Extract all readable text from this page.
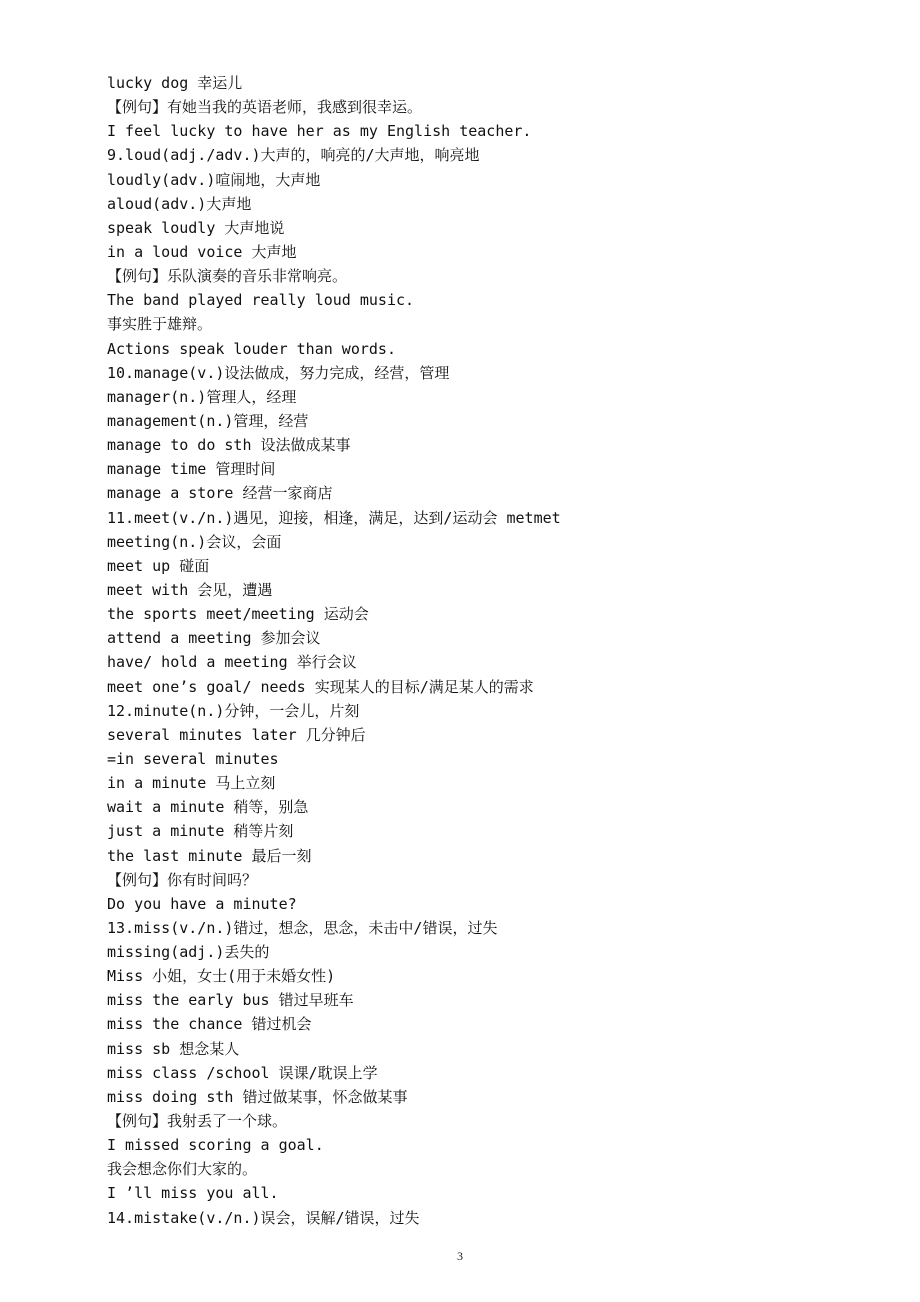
lucky dog 幸运儿
【例句】有她当我的英语老师，我感到很幸运。
I feel lucky to have her as my English teacher.
9.loud(adj./adv.)大声的，响亮的/大声地，响亮地
loudly(adv.)喧闹地，大声地
aloud(adv.)大声地
speak loudly 大声地说
in a loud voice 大声地
【例句】乐队演奏的音乐非常响亮。
The band played really loud music.
事实胜于雄辩。
Actions speak louder than words.
10.manage(v.)设法做成，努力完成，经营，管理
manager(n.)管理人，经理
management(n.)管理，经营
manage to do sth 设法做成某事
manage time 管理时间
manage a store 经营一家商店
11.meet(v./n.)遇见，迎接，相逢，满足，达到/运动会 metmet
meeting(n.)会议，会面
meet up 碰面
meet with 会见，遭遇
the sports meet/meeting 运动会
attend a meeting 参加会议
have/ hold a meeting 举行会议
meet one’s goal/ needs 实现某人的目标/满足某人的需求
12.minute(n.)分钟，一会儿，片刻
several minutes later 几分钟后
=in several minutes
in a minute 马上立刻
wait a minute 稍等，别急
just a minute 稍等片刻
the last minute 最后一刻
【例句】你有时间吗？
Do you have a minute?
13.miss(v./n.)错过，想念，思念，未击中/错误，过失
missing(adj.)丢失的
Miss 小姐，女士(用于未婚女性)
miss the early bus 错过早班车
miss the chance 错过机会
miss sb 想念某人
miss class /school 误课/耽误上学
miss doing sth 错过做某事，怀念做某事
【例句】我射丢了一个球。
I missed scoring a goal.
我会想念你们大家的。
I ’ll miss you all.
14.mistake(v./n.)误会，误解/错误，过失
3
